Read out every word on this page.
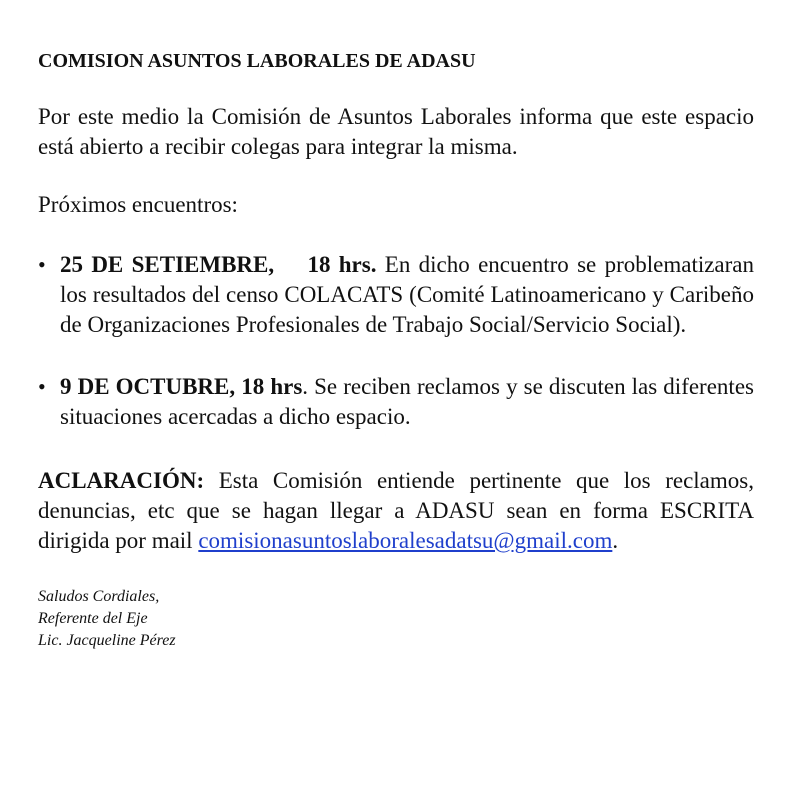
COMISION ASUNTOS LABORALES DE ADASU

Por este medio la Comisión de Asuntos Laborales informa que este espacio está abierto a recibir colegas para integrar la misma.

Próximos encuentros:

• 25 DE SETIEMBRE, 18 hrs. En dicho encuentro se problematizaran los resultados del censo COLACATS (Comité Latinoamericano y Caribeño de Organizaciones Profesionales de Trabajo Social/Servicio Social).
• 9 DE OCTUBRE, 18 hrs. Se reciben reclamos y se discuten las diferentes situaciones acercadas a dicho espacio.

ACLARACIÓN: Esta Comisión entiende pertinente que los reclamos, denuncias, etc que se hagan llegar a ADASU sean en forma ESCRITA dirigida por mail comisionasuntoslaboralesadatsu@gmail.com.

Saludos Cordiales,
Referente del Eje
Lic. Jacqueline Pérez
